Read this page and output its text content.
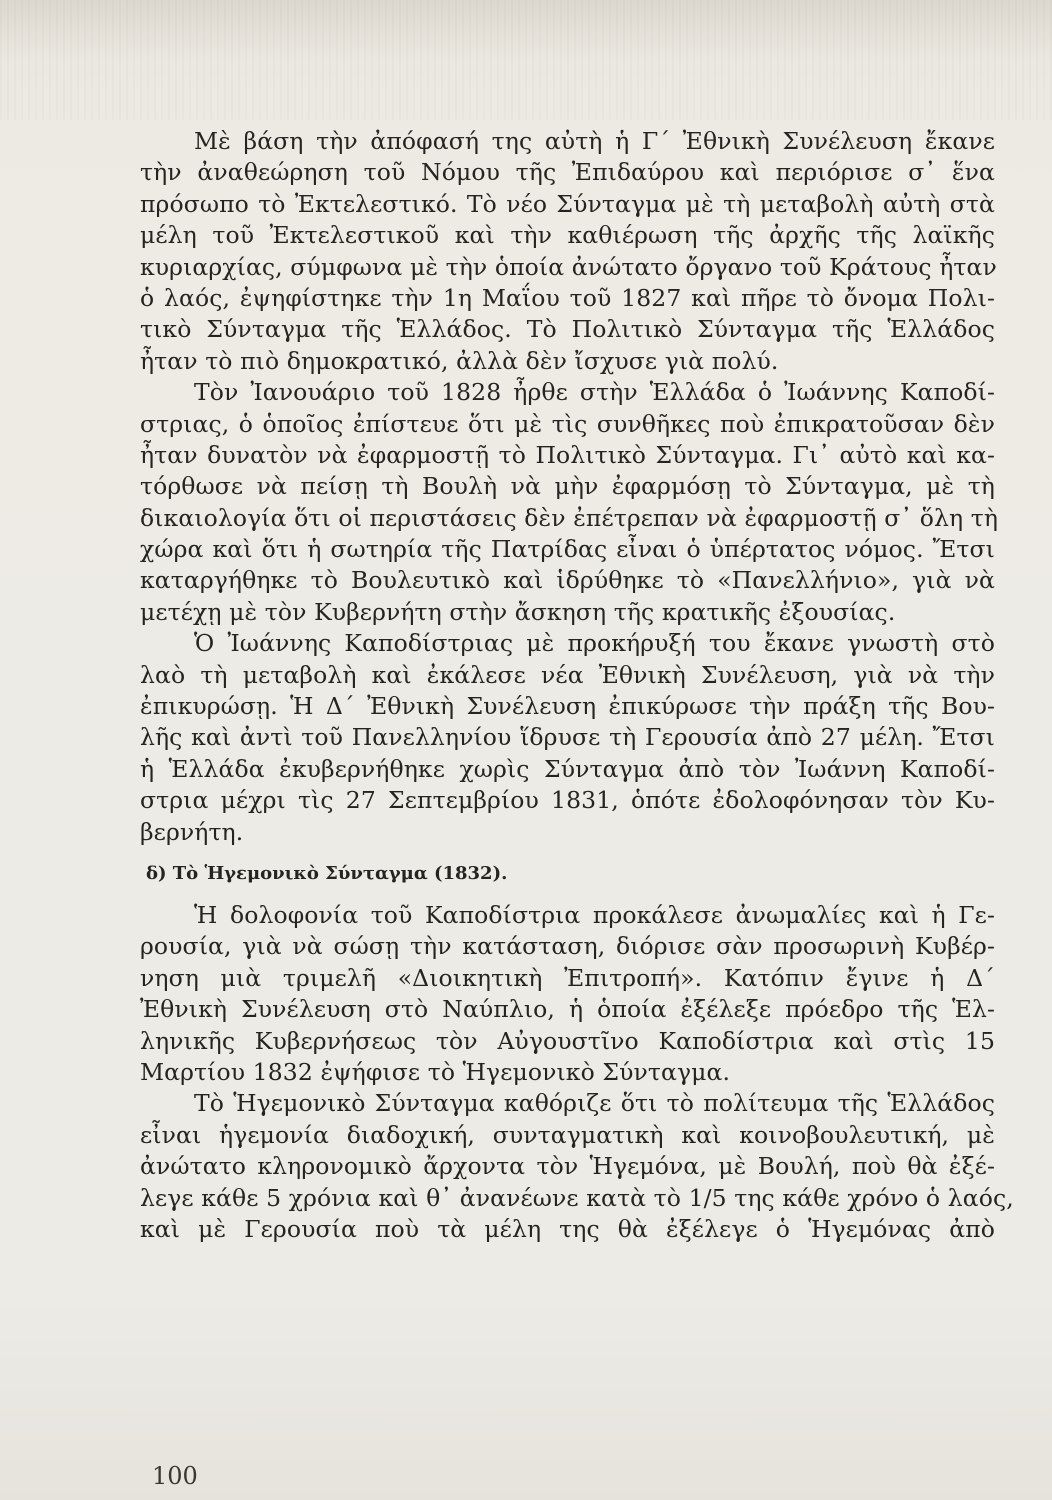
Μὲ βάση τὴν ἀπόφασή της αὐτὴ ἡ Γ΄ Ἐθνικὴ Συνέλευση ἔκανε
τὴν ἀναθεώρηση τοῦ Νόμου τῆς Ἐπιδαύρου καὶ περιόρισε σ᾽ ἕνα
πρόσωπο τὸ Ἐκτελεστικό. Τὸ νέο Σύνταγμα μὲ τὴ μεταβολὴ αὐτὴ στὰ
μέλη τοῦ Ἐκτελεστικοῦ καὶ τὴν καθιέρωση τῆς ἀρχῆς τῆς λαϊκῆς
κυριαρχίας, σύμφωνα μὲ τὴν ὁποία ἀνώτατο ὄργανο τοῦ Κράτους ἦταν
ὁ λαός, ἐψηφίστηκε τὴν 1η Μαΐου τοῦ 1827 καὶ πῆρε τὸ ὄνομα Πολι-
τικὸ Σύνταγμα τῆς Ἑλλάδος. Τὸ Πολιτικὸ Σύνταγμα τῆς Ἑλλάδος
ἦταν τὸ πιὸ δημοκρατικό, ἀλλὰ δὲν ἴσχυσε γιὰ πολύ.
Τὸν Ἰανουάριο τοῦ 1828 ἦρθε στὴν Ἑλλάδα ὁ Ἰωάννης Καποδί-
στριας, ὁ ὁποῖος ἐπίστευε ὅτι μὲ τὶς συνθῆκες ποὺ ἐπικρατοῦσαν δὲν
ἦταν δυνατὸν νὰ ἐφαρμοστῇ τὸ Πολιτικὸ Σύνταγμα. Γι᾽ αὐτὸ καὶ κα-
τόρθωσε νὰ πείσῃ τὴ Βουλὴ νὰ μὴν ἐφαρμόσῃ τὸ Σύνταγμα, μὲ τὴ
δικαιολογία ὅτι οἱ περιστάσεις δὲν ἐπέτρεπαν νὰ ἐφαρμοστῇ σ᾽ ὅλη τὴ
χώρα καὶ ὅτι ἡ σωτηρία τῆς Πατρίδας εἶναι ὁ ὑπέρτατος νόμος. Ἔτσι
καταργήθηκε τὸ Βουλευτικὸ καὶ ἱδρύθηκε τὸ «Πανελλήνιο», γιὰ νὰ
μετέχῃ μὲ τὸν Κυβερνήτη στὴν ἄσκηση τῆς κρατικῆς ἐξουσίας.
Ὁ Ἰωάννης Καποδίστριας μὲ προκήρυξή του ἔκανε γνωστὴ στὸ
λαὸ τὴ μεταβολὴ καὶ ἐκάλεσε νέα Ἐθνικὴ Συνέλευση, γιὰ νὰ τὴν
ἐπικυρώσῃ. Ἡ Δ΄ Ἐθνικὴ Συνέλευση ἐπικύρωσε τὴν πράξη τῆς Βου-
λῆς καὶ ἀντὶ τοῦ Πανελληνίου ἵδρυσε τὴ Γερουσία ἀπὸ 27 μέλη. Ἔτσι
ἡ Ἑλλάδα ἐκυβερνήθηκε χωρὶς Σύνταγμα ἀπὸ τὸν Ἰωάννη Καποδί-
στρια μέχρι τὶς 27 Σεπτεμβρίου 1831, ὁπότε ἐδολοφόνησαν τὸν Κυ-
βερνήτη.
δ) Τὸ Ἡγεμονικὸ Σύνταγμα (1832).
Ἡ δολοφονία τοῦ Καποδίστρια προκάλεσε ἀνωμαλίες καὶ ἡ Γε-
ρουσία, γιὰ νὰ σώσῃ τὴν κατάσταση, διόρισε σὰν προσωρινὴ Κυβέρ-
νηση μιὰ τριμελῆ «Διοικητικὴ Ἐπιτροπή». Κατόπιν ἔγινε ἡ Δ΄
Ἐθνικὴ Συνέλευση στὸ Ναύπλιο, ἡ ὁποία ἐξέλεξε πρόεδρο τῆς Ἑλ-
ληνικῆς Κυβερνήσεως τὸν Αὐγουστῖνο Καποδίστρια καὶ στὶς 15
Μαρτίου 1832 ἐψήφισε τὸ Ἡγεμονικὸ Σύνταγμα.
Τὸ Ἡγεμονικὸ Σύνταγμα καθόριζε ὅτι τὸ πολίτευμα τῆς Ἑλλάδος
εἶναι ἡγεμονία διαδοχική, συνταγματικὴ καὶ κοινοβουλευτική, μὲ
ἀνώτατο κληρονομικὸ ἄρχοντα τὸν Ἡγεμόνα, μὲ Βουλή, ποὺ θὰ ἐξέ-
λεγε κάθε 5 χρόνια καὶ θ᾽ ἀνανέωνε κατὰ τὸ 1/5 της κάθε χρόνο ὁ λαός,
καὶ μὲ Γερουσία ποὺ τὰ μέλη της θὰ ἐξέλεγε ὁ Ἡγεμόνας ἀπὸ
100
